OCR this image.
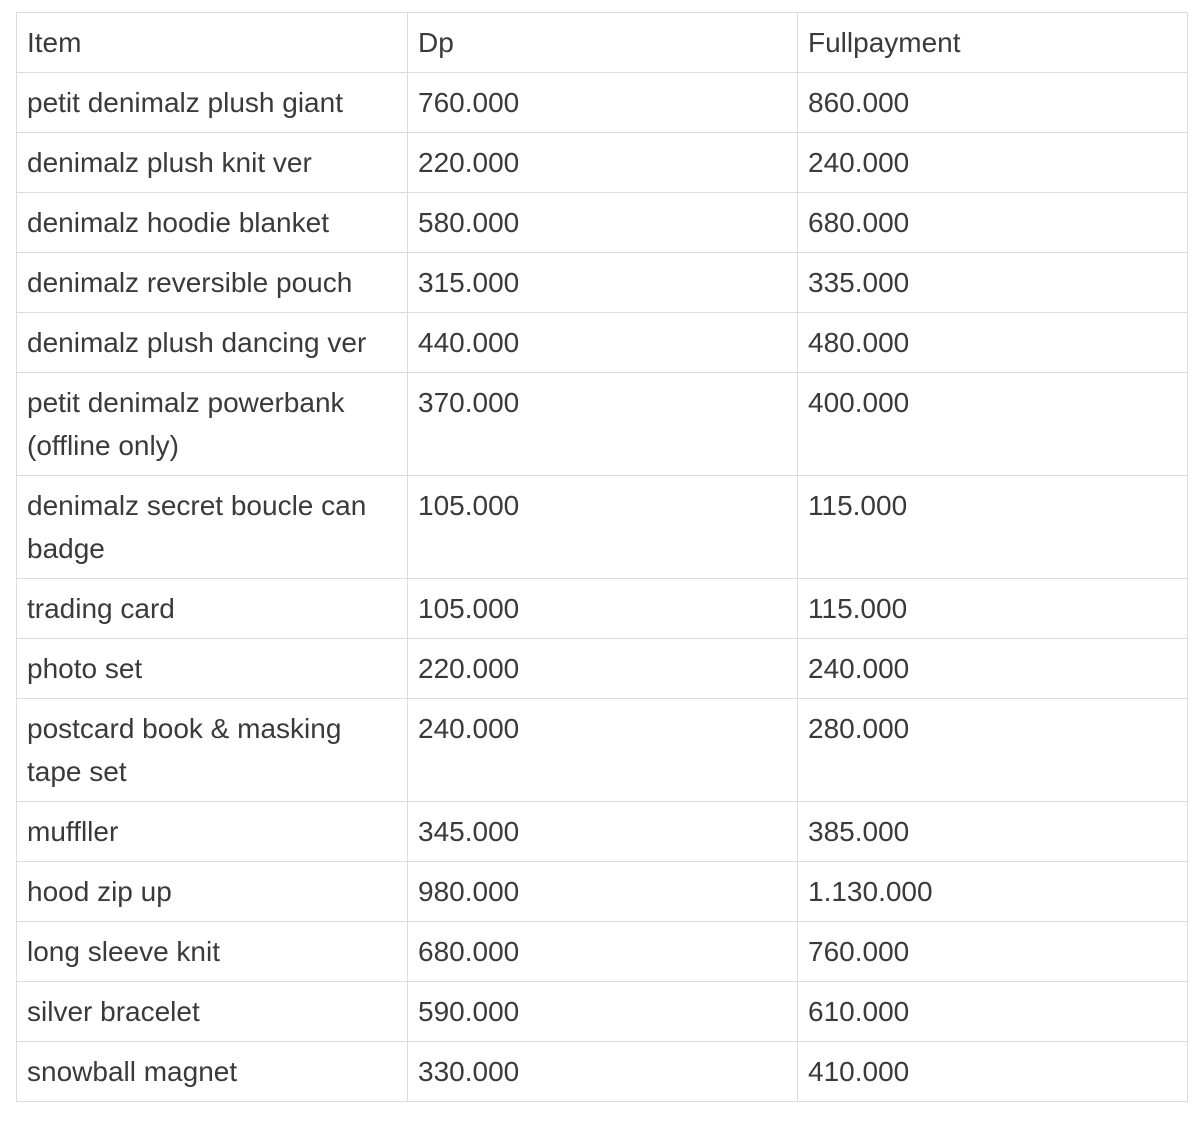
Item	Dp	Fullpayment
petit denimalz plush giant	760.000	860.000
denimalz plush knit ver	220.000	240.000
denimalz hoodie blanket	580.000	680.000
denimalz reversible pouch	315.000	335.000
denimalz plush dancing ver	440.000	480.000
petit denimalz powerbank (offline only)	370.000	400.000
denimalz secret boucle can badge	105.000	115.000
trading card	105.000	115.000
photo set	220.000	240.000
postcard book & masking tape set	240.000	280.000
muffller	345.000	385.000
hood zip up	980.000	1.130.000
long sleeve knit	680.000	760.000
silver bracelet	590.000	610.000
snowball magnet	330.000	410.000
